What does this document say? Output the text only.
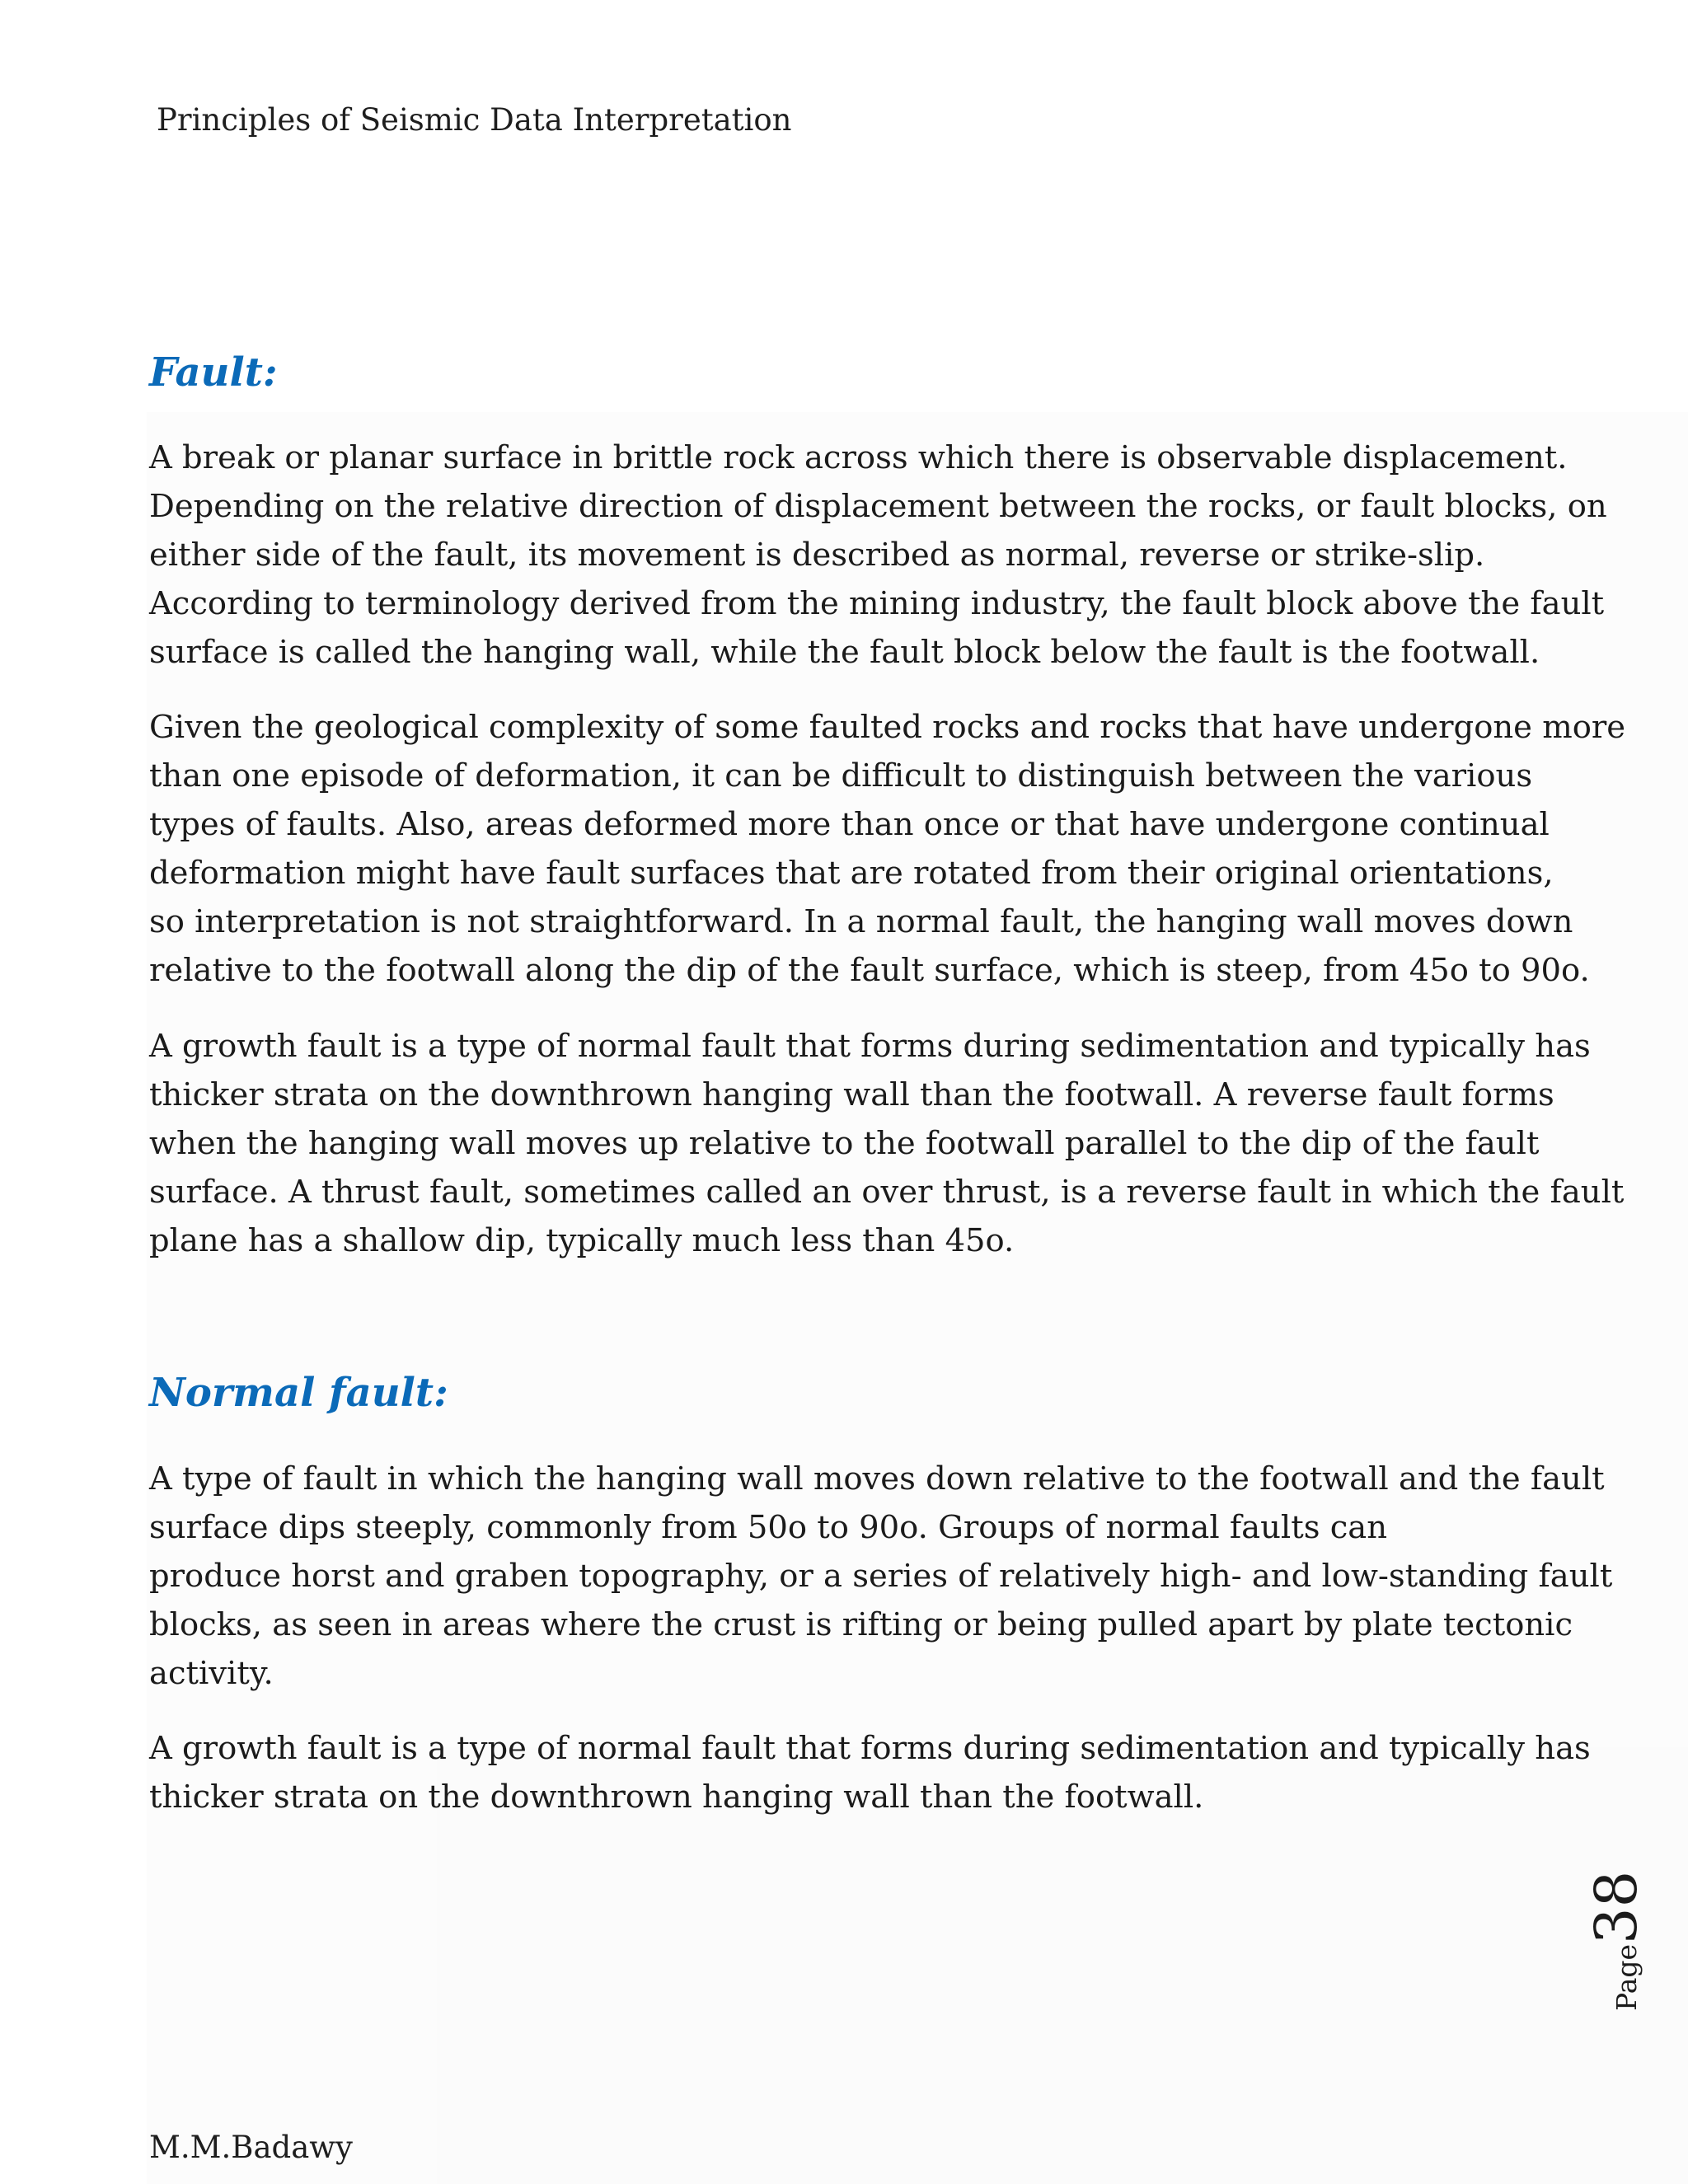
Principles of Seismic Data Interpretation
Fault:
A break or planar surface in brittle rock across which there is observable displacement.
Depending on the relative direction of displacement between the rocks, or fault blocks, on
either side of the fault, its movement is described as normal, reverse or strike-slip.
According to terminology derived from the mining industry, the fault block above the fault
surface is called the hanging wall, while the fault block below the fault is the footwall.
Given the geological complexity of some faulted rocks and rocks that have undergone more
than one episode of deformation, it can be difficult to distinguish between the various
types of faults. Also, areas deformed more than once or that have undergone continual
deformation might have fault surfaces that are rotated from their original orientations,
so interpretation is not straightforward. In a normal fault, the hanging wall moves down
relative to the footwall along the dip of the fault surface, which is steep, from 45o to 90o.
A growth fault is a type of normal fault that forms during sedimentation and typically has
thicker strata on the downthrown hanging wall than the footwall. A reverse fault forms
when the hanging wall moves up relative to the footwall parallel to the dip of the fault
surface. A thrust fault, sometimes called an over thrust, is a reverse fault in which the fault
plane has a shallow dip, typically much less than 45o.
Normal fault:
A type of fault in which the hanging wall moves down relative to the footwall and the fault
surface dips steeply, commonly from 50o to 90o. Groups of normal faults can
produce horst and graben topography, or a series of relatively high- and low-standing fault
blocks, as seen in areas where the crust is rifting or being pulled apart by plate tectonic
activity.
A growth fault is a type of normal fault that forms during sedimentation and typically has
thicker strata on the downthrown hanging wall than the footwall.
Page38
M.M.Badawy
